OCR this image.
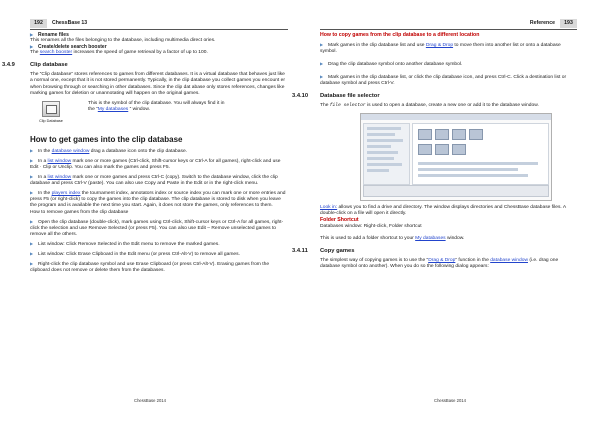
192	ChessBase 13

▶ Rename files

This renames all the files belonging to the database, including multimedia direct ories.

▶ Create/delete search booster

The search booster increases the speed of game retrieval by a factor of up to 100.

3.4.9	Clip database

The “Clip database” stores references to games from different databases. It is a virtual database that behaves just like a normal one, except that it is not stored permanently. Typically, in the clip database you collect games you encount er when browsing through or searching in other databases. Since the clip dat abase only stores references, changes like marking games for deletion or unannotating will happen on the original games.

Clip Database

This is the symbol of the clip database. You will always find it in the “My databases ” window.

How to get games into the clip database

▶ In the database window drag a database icon onto the clip database.

▶ In a list window mark one or more games (Ctrl-click, Shift-cursor keys or Ctrl-A for all games), right-click and use Edit · Clip or Unclip. You can also mark the games and press F5.

▶ In a list window mark one or more games and press Ctrl-C (copy). Switch to the database window, click the clip database and press Ctrl-V (paste). You can also use Copy and Paste in the Edit or in the right-click menu.

▶ In the players index the tournament index, annotators index or source index you can mark one or more entries and press F5 (or right-click) to copy the games into the clip database. The clip database is stored to disk when you leave the program and is available the next time you start. Again, it does not store the games, only references to them.

How to remove games from the clip database

▶ Open the clip database (double-click), mark games using Ctrl-click, Shift-cursor keys or Ctrl-A for all games, right-click the selection and use Remove Selected (or press F5). You can also use Edit – Remove unselected games to remove all the others.

▶ List window: Click Remove Selected in the Edit menu to remove the marked games.

▶ List window: Click Erase Clipboard in the Edit menu (or press Ctrl-Alt-V) to remove all games.

▶ Right-click the clip database symbol and use Erase Clipboard (or press Ctrl-Alt-V). Erasing games from the clipboard does not remove or delete them from the databases.

ChessBase 2014
Reference	193

How to copy games from the clip database to a different location

▶ Mark games in the clip database list and use Drag & Drop to move them into another list or onto a database symbol.

▶ Drag the clip database symbol onto another database symbol.

▶ Mark games in the clip database list, or click the clip database icon, and press Ctrl-C. Click a destination list or database symbol and press Ctrl-V.

3.4.10 Database file selector

The file selector is used to open a database, create a new one or add it to the database window.

Look in: allows you to find a drive and directory. The window displays directories and ChessBase database files. A double-click on a file will open it directly.

Folder Shortcut

Databases window: Right-click, Folder shortcut

This is used to add a folder shortcut to your My databases window.

3.4.11 Copy games

The simplest way of copying games is to use the “Drag & Drop” function in the database window (i.e. drag one database symbol onto another). When you do so the following dialog appears:

ChessBase 2014
